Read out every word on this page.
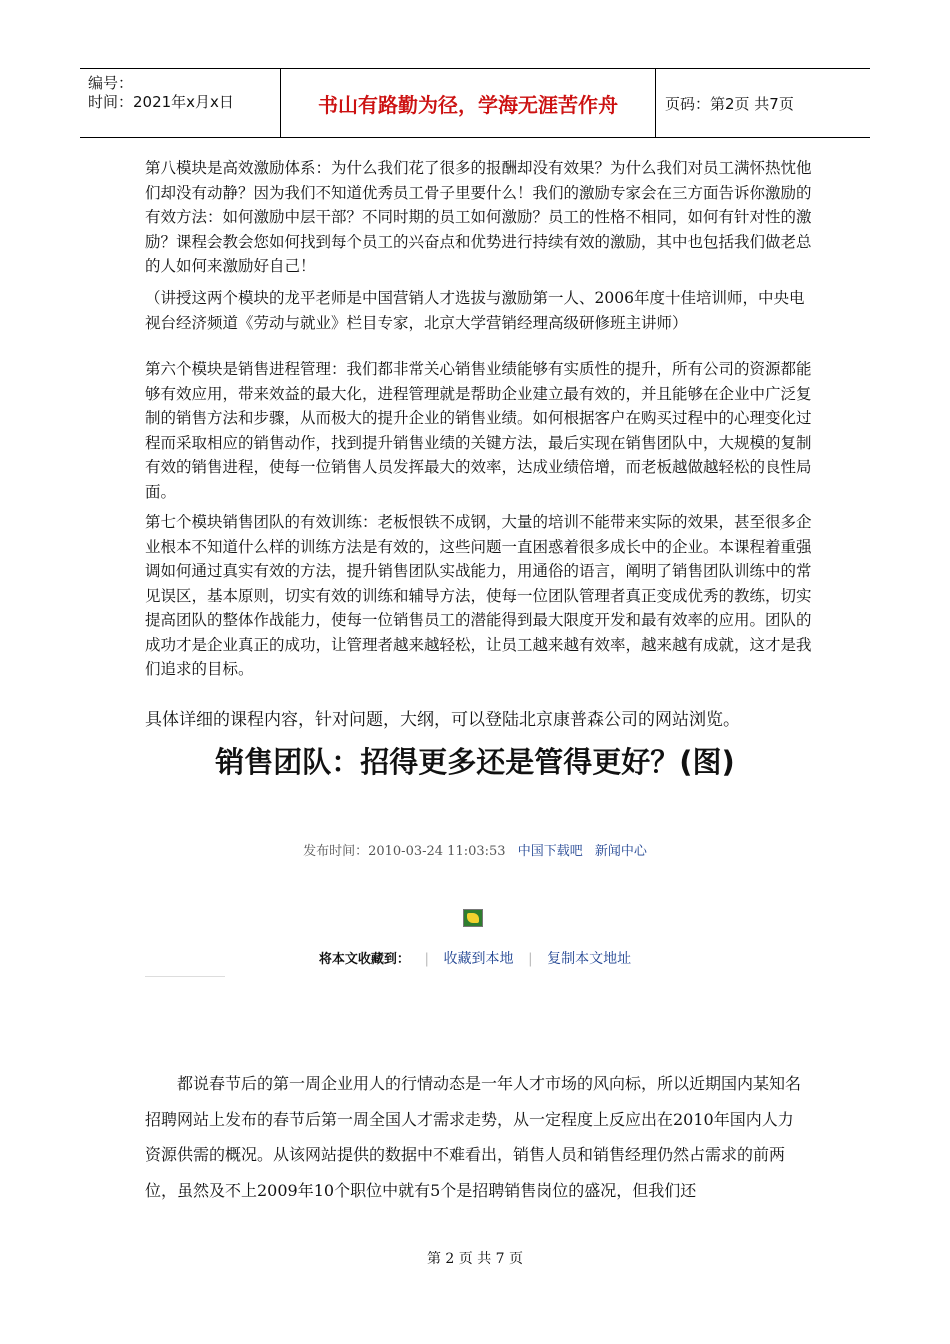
编号：
时间：2021年x月x日	书山有路勤为径，学海无涯苦作舟	页码：第2页 共7页

第八模块是高效激励体系：为什么我们花了很多的报酬却没有效果？为什么我们对员工满怀热忱他们却没有动静？因为我们不知道优秀员工骨子里要什么！我们的激励专家会在三方面告诉你激励的有效方法：如何激励中层干部？不同时期的员工如何激励？员工的性格不相同，如何有针对性的激励？课程会教会您如何找到每个员工的兴奋点和优势进行持续有效的激励，其中也包括我们做老总的人如何来激励好自己！

（讲授这两个模块的龙平老师是中国营销人才选拔与激励第一人、2006年度十佳培训师，中央电视台经济频道《劳动与就业》栏目专家，北京大学营销经理高级研修班主讲师）

第六个模块是销售进程管理：我们都非常关心销售业绩能够有实质性的提升，所有公司的资源都能够有效应用，带来效益的最大化，进程管理就是帮助企业建立最有效的，并且能够在企业中广泛复制的销售方法和步骤，从而极大的提升企业的销售业绩。如何根据客户在购买过程中的心理变化过程而采取相应的销售动作，找到提升销售业绩的关键方法，最后实现在销售团队中，大规模的复制有效的销售进程，使每一位销售人员发挥最大的效率，达成业绩倍增，而老板越做越轻松的良性局面。

第七个模块销售团队的有效训练：老板恨铁不成钢，大量的培训不能带来实际的效果，甚至很多企业根本不知道什么样的训练方法是有效的，这些问题一直困惑着很多成长中的企业。本课程着重强调如何通过真实有效的方法，提升销售团队实战能力，用通俗的语言，阐明了销售团队训练中的常见误区，基本原则，切实有效的训练和辅导方法，使每一位团队管理者真正变成优秀的教练，切实提高团队的整体作战能力，使每一位销售员工的潜能得到最大限度开发和最有效率的应用。团队的成功才是企业真正的成功，让管理者越来越轻松，让员工越来越有效率，越来越有成就，这才是我们追求的目标。

具体详细的课程内容，针对问题，大纲，可以登陆北京康普森公司的网站浏览。
销售团队：招得更多还是管得更好？(图)
发布时间：2010-03-24 11:03:53 中国下载吧 新闻中心
将本文收藏到： | 收藏到本地 | 复制本文地址

都说春节后的第一周企业用人的行情动态是一年人才市场的风向标，所以近期国内某知名招聘网站上发布的春节后第一周全国人才需求走势，从一定程度上反应出在2010年国内人力资源供需的概况。从该网站提供的数据中不难看出，销售人员和销售经理仍然占需求的前两位，虽然及不上2009年10个职位中就有5个是招聘销售岗位的盛况，但我们还

第 2 页 共 7 页
